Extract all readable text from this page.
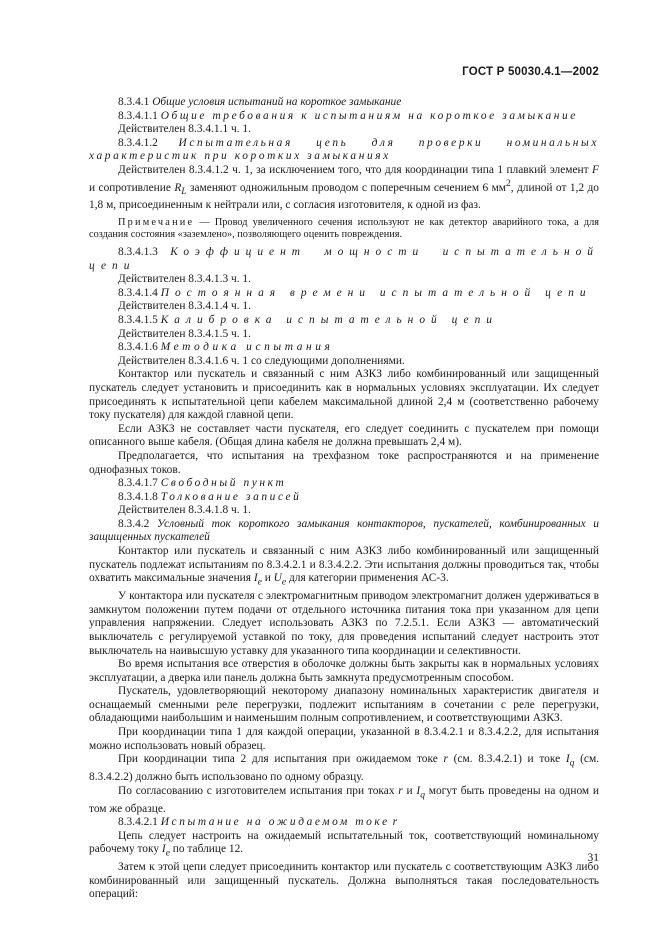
ГОСТ Р 50030.4.1—2002

8.3.4.1 Общие условия испытаний на короткое замыкание

8.3.4.1.1 Общие требования к испытаниям на короткое замыкание

Действителен 8.3.4.1.1 ч. 1.

8.3.4.1.2 Испытательная цепь для проверки номинальных характеристик при коротких замыканиях

Действителен 8.3.4.1.2 ч. 1, за исключением того, что для координации типа 1 плавкий элемент F и сопротивление $R_L$ заменяют одножильным проводом с поперечным сечением 6 $мм^2$, длиной от 1,2 до 1,8 м, присоединенным к нейтрали или, с согласия изготовителя, к одной из фаз.

Примечание — Провод увеличенного сечения используют не как детектор аварийного тока, а для создания состояния «заземлено», позволяющего оценить повреждения.

8.3.4.1.3 Коэффициент мощности испытательной цепи

Действителен 8.3.4.1.3 ч. 1.

8.3.4.1.4 Постоянная времени испытательной цепи

Действителен 8.3.4.1.4 ч. 1.

8.3.4.1.5 Калибровка испытательной цепи

Действителен 8.3.4.1.5 ч. 1.

8.3.4.1.6 Методика испытания

Действителен 8.3.4.1.6 ч. 1 со следующими дополнениями.

Контактор или пускатель и связанный с ним АЗКЗ либо комбинированный или защищенный пускатель следует установить и присоединить как в нормальных условиях эксплуатации. Их следует присоединять к испытательной цепи кабелем максимальной длиной 2,4 м (соответственно рабочему току пускателя) для каждой главной цепи.

Если АЗКЗ не составляет части пускателя, его следует соединить с пускателем при помощи описанного выше кабеля. (Общая длина кабеля не должна превышать 2,4 м).

Предполагается, что испытания на трехфазном токе распространяются и на применение однофазных токов.

8.3.4.1.7 Свободный пункт

8.3.4.1.8 Толкование записей

Действителен 8.3.4.1.8 ч. 1.

8.3.4.2 Условный ток короткого замыкания контакторов, пускателей, комбинированных и защищенных пускателей

Контактор или пускатель и связанный с ним АЗКЗ либо комбинированный или защищенный пускатель подлежат испытаниям по 8.3.4.2.1 и 8.3.4.2.2. Эти испытания должны проводиться так, чтобы охватить максимальные значения $I_e$ и $U_e$ для категории применения АС-3.

У контактора или пускателя с электромагнитным приводом электромагнит должен удерживаться в замкнутом положении путем подачи от отдельного источника питания тока при указанном для цепи управления напряжении. Следует использовать АЗКЗ по 7.2.5.1. Если АЗКЗ — автоматический выключатель с регулируемой уставкой по току, для проведения испытаний следует настроить этот выключатель на наивысшую уставку для указанного типа координации и селективности.

Во время испытания все отверстия в оболочке должны быть закрыты как в нормальных условиях эксплуатации, а дверка или панель должна быть замкнута предусмотренным способом.

Пускатель, удовлетворяющий некоторому диапазону номинальных характеристик двигателя и оснащаемый сменными реле перегрузки, подлежит испытаниям в сочетании с реле перегрузки, обладающими наибольшим и наименьшим полным сопротивлением, и соответствующими АЗКЗ.

При координации типа 1 для каждой операции, указанной в 8.3.4.2.1 и 8.3.4.2.2, для испытания можно использовать новый образец.

При координации типа 2 для испытания при ожидаемом токе r (см. 8.3.4.2.1) и токе $I_q$ (см. 8.3.4.2.2) должно быть использовано по одному образцу.

По согласованию с изготовителем испытания при токах r и $I_q$ могут быть проведены на одном и том же образце.

8.3.4.2.1 Испытание на ожидаемом токе r

Цепь следует настроить на ожидаемый испытательный ток, соответствующий номинальному рабочему току $I_e$ по таблице 12.

Затем к этой цепи следует присоединить контактор или пускатель с соответствующим АЗКЗ либо комбинированный или защищенный пускатель. Должна выполняться такая последовательность операций:

31
